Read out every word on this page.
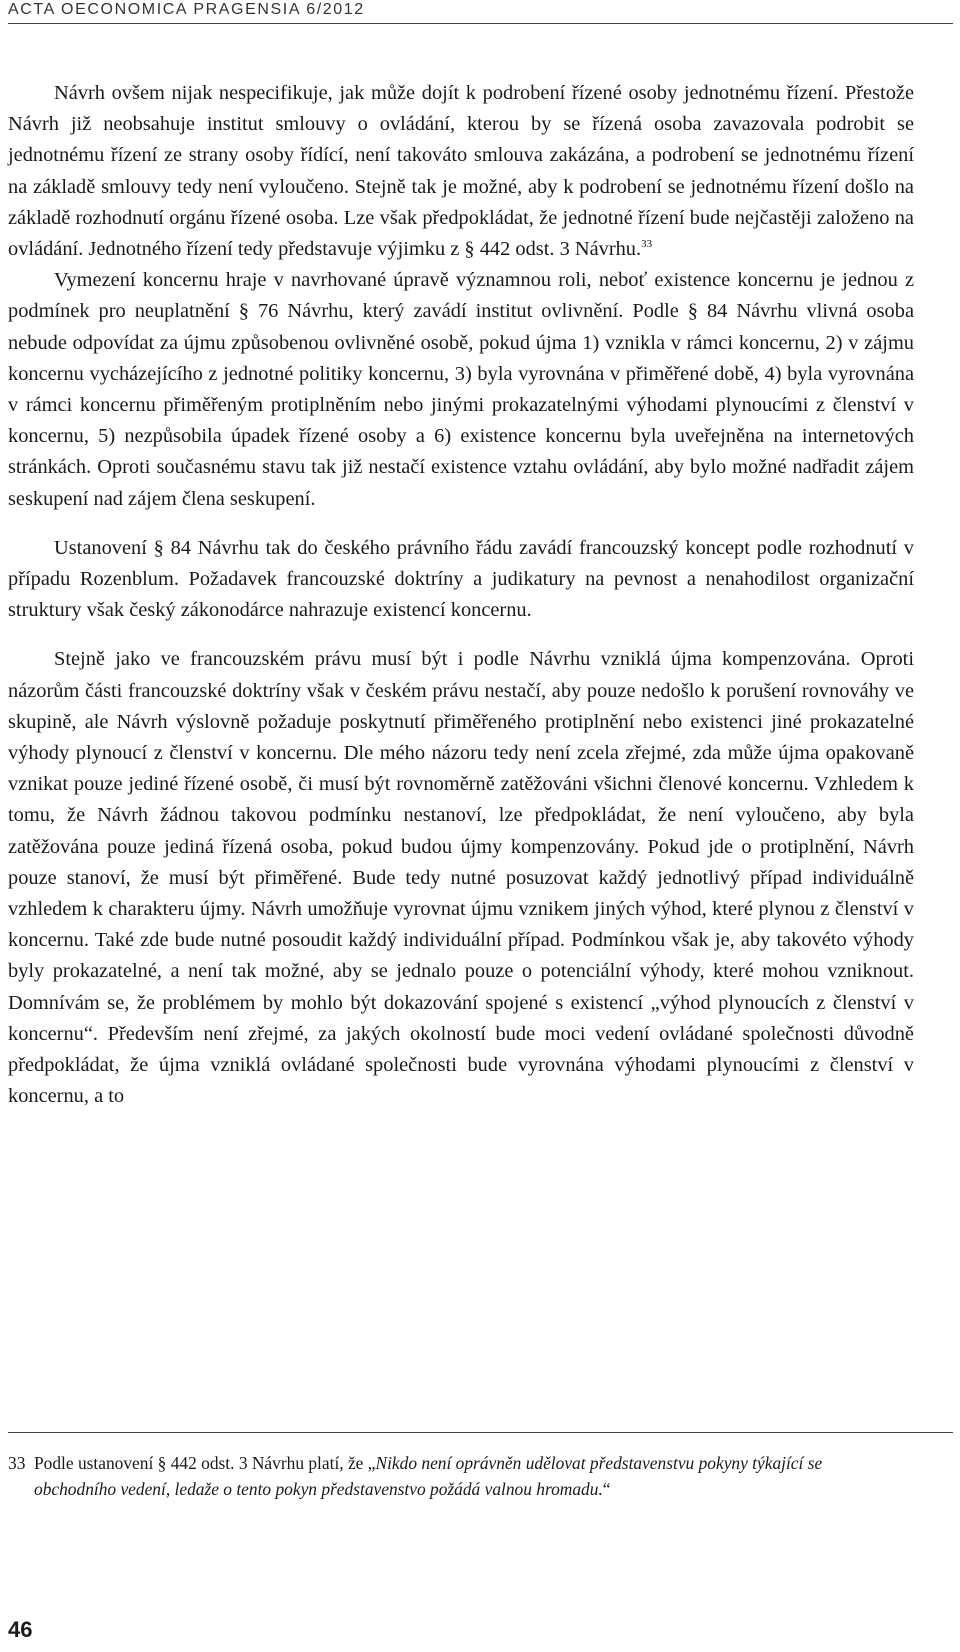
ACTA OECONOMICA PRAGENSIA 6/2012

Návrh ovšem nijak nespecifikuje, jak může dojít k podrobení řízené osoby jednotnému řízení. Přestože Návrh již neobsahuje institut smlouvy o ovládání, kterou by se řízená osoba zavazovala podrobit se jednotnému řízení ze strany osoby řídící, není takováto smlouva zakázána, a podrobení se jednotnému řízení na základě smlouvy tedy není vyloučeno. Stejně tak je možné, aby k podrobení se jednotnému řízení došlo na základě rozhodnutí orgánu řízené osoba. Lze však předpokládat, že jednotné řízení bude nejčastěji založeno na ovládání. Jednotného řízení tedy představuje výjimku z § 442 odst. 3 Návrhu.$^{33}$

Vymezení koncernu hraje v navrhované úpravě významnou roli, neboť existence koncernu je jednou z podmínek pro neuplatnění § 76 Návrhu, který zavádí institut ovlivnění. Podle § 84 Návrhu vlivná osoba nebude odpovídat za újmu způsobenou ovlivněné osobě, pokud újma 1) vznikla v rámci koncernu, 2) v zájmu koncernu vycházejícího z jednotné politiky koncernu, 3) byla vyrovnána v přiměřené době, 4) byla vyrovnána v rámci koncernu přiměřeným protiplněním nebo jinými prokazatelnými výhodami plynoucími z členství v koncernu, 5) nezpůsobila úpadek řízené osoby a 6) existence koncernu byla uveřejněna na internetových stránkách. Oproti současnému stavu tak již nestačí existence vztahu ovládání, aby bylo možné nadřadit zájem seskupení nad zájem člena seskupení.

Ustanovení § 84 Návrhu tak do českého právního řádu zavádí francouzský koncept podle rozhodnutí v případu Rozenblum. Požadavek francouzské doktríny a judikatury na pevnost a nenahodilost organizační struktury však český zákonodárce nahrazuje existencí koncernu.

Stejně jako ve francouzském právu musí být i podle Návrhu vzniklá újma kompenzována. Oproti názorům části francouzské doktríny však v českém právu nestačí, aby pouze nedošlo k porušení rovnováhy ve skupině, ale Návrh výslovně požaduje poskytnutí přiměřeného protiplnění nebo existenci jiné prokazatelné výhody plynoucí z členství v koncernu. Dle mého názoru tedy není zcela zřejmé, zda může újma opakovaně vznikat pouze jediné řízené osobě, či musí být rovnoměrně zatěžováni všichni členové koncernu. Vzhledem k tomu, že Návrh žádnou takovou podmínku nestanoví, lze předpokládat, že není vyloučeno, aby byla zatěžována pouze jediná řízená osoba, pokud budou újmy kompenzovány. Pokud jde o protiplnění, Návrh pouze stanoví, že musí být přiměřené. Bude tedy nutné posuzovat každý jednotlivý případ individuálně vzhledem k charakteru újmy. Návrh umožňuje vyrovnat újmu vznikem jiných výhod, které plynou z členství v koncernu. Také zde bude nutné posoudit každý individuální případ. Podmínkou však je, aby takovéto výhody byly prokazatelné, a není tak možné, aby se jednalo pouze o potenciální výhody, které mohou vzniknout. Domnívám se, že problémem by mohlo být dokazování spojené s existencí „výhod plynoucích z členství v koncernu“. Především není zřejmé, za jakých okolností bude moci vedení ovládané společnosti důvodně předpokládat, že újma vzniklá ovládané společnosti bude vyrovnána výhodami plynoucími z členství v koncernu, a to

33 Podle ustanovení § 442 odst. 3 Návrhu platí, že „Nikdo není oprávněn udělovat představenstvu pokyny týkající se obchodního vedení, ledaže o tento pokyn představenstvo požádá valnou hromadu.“
46
